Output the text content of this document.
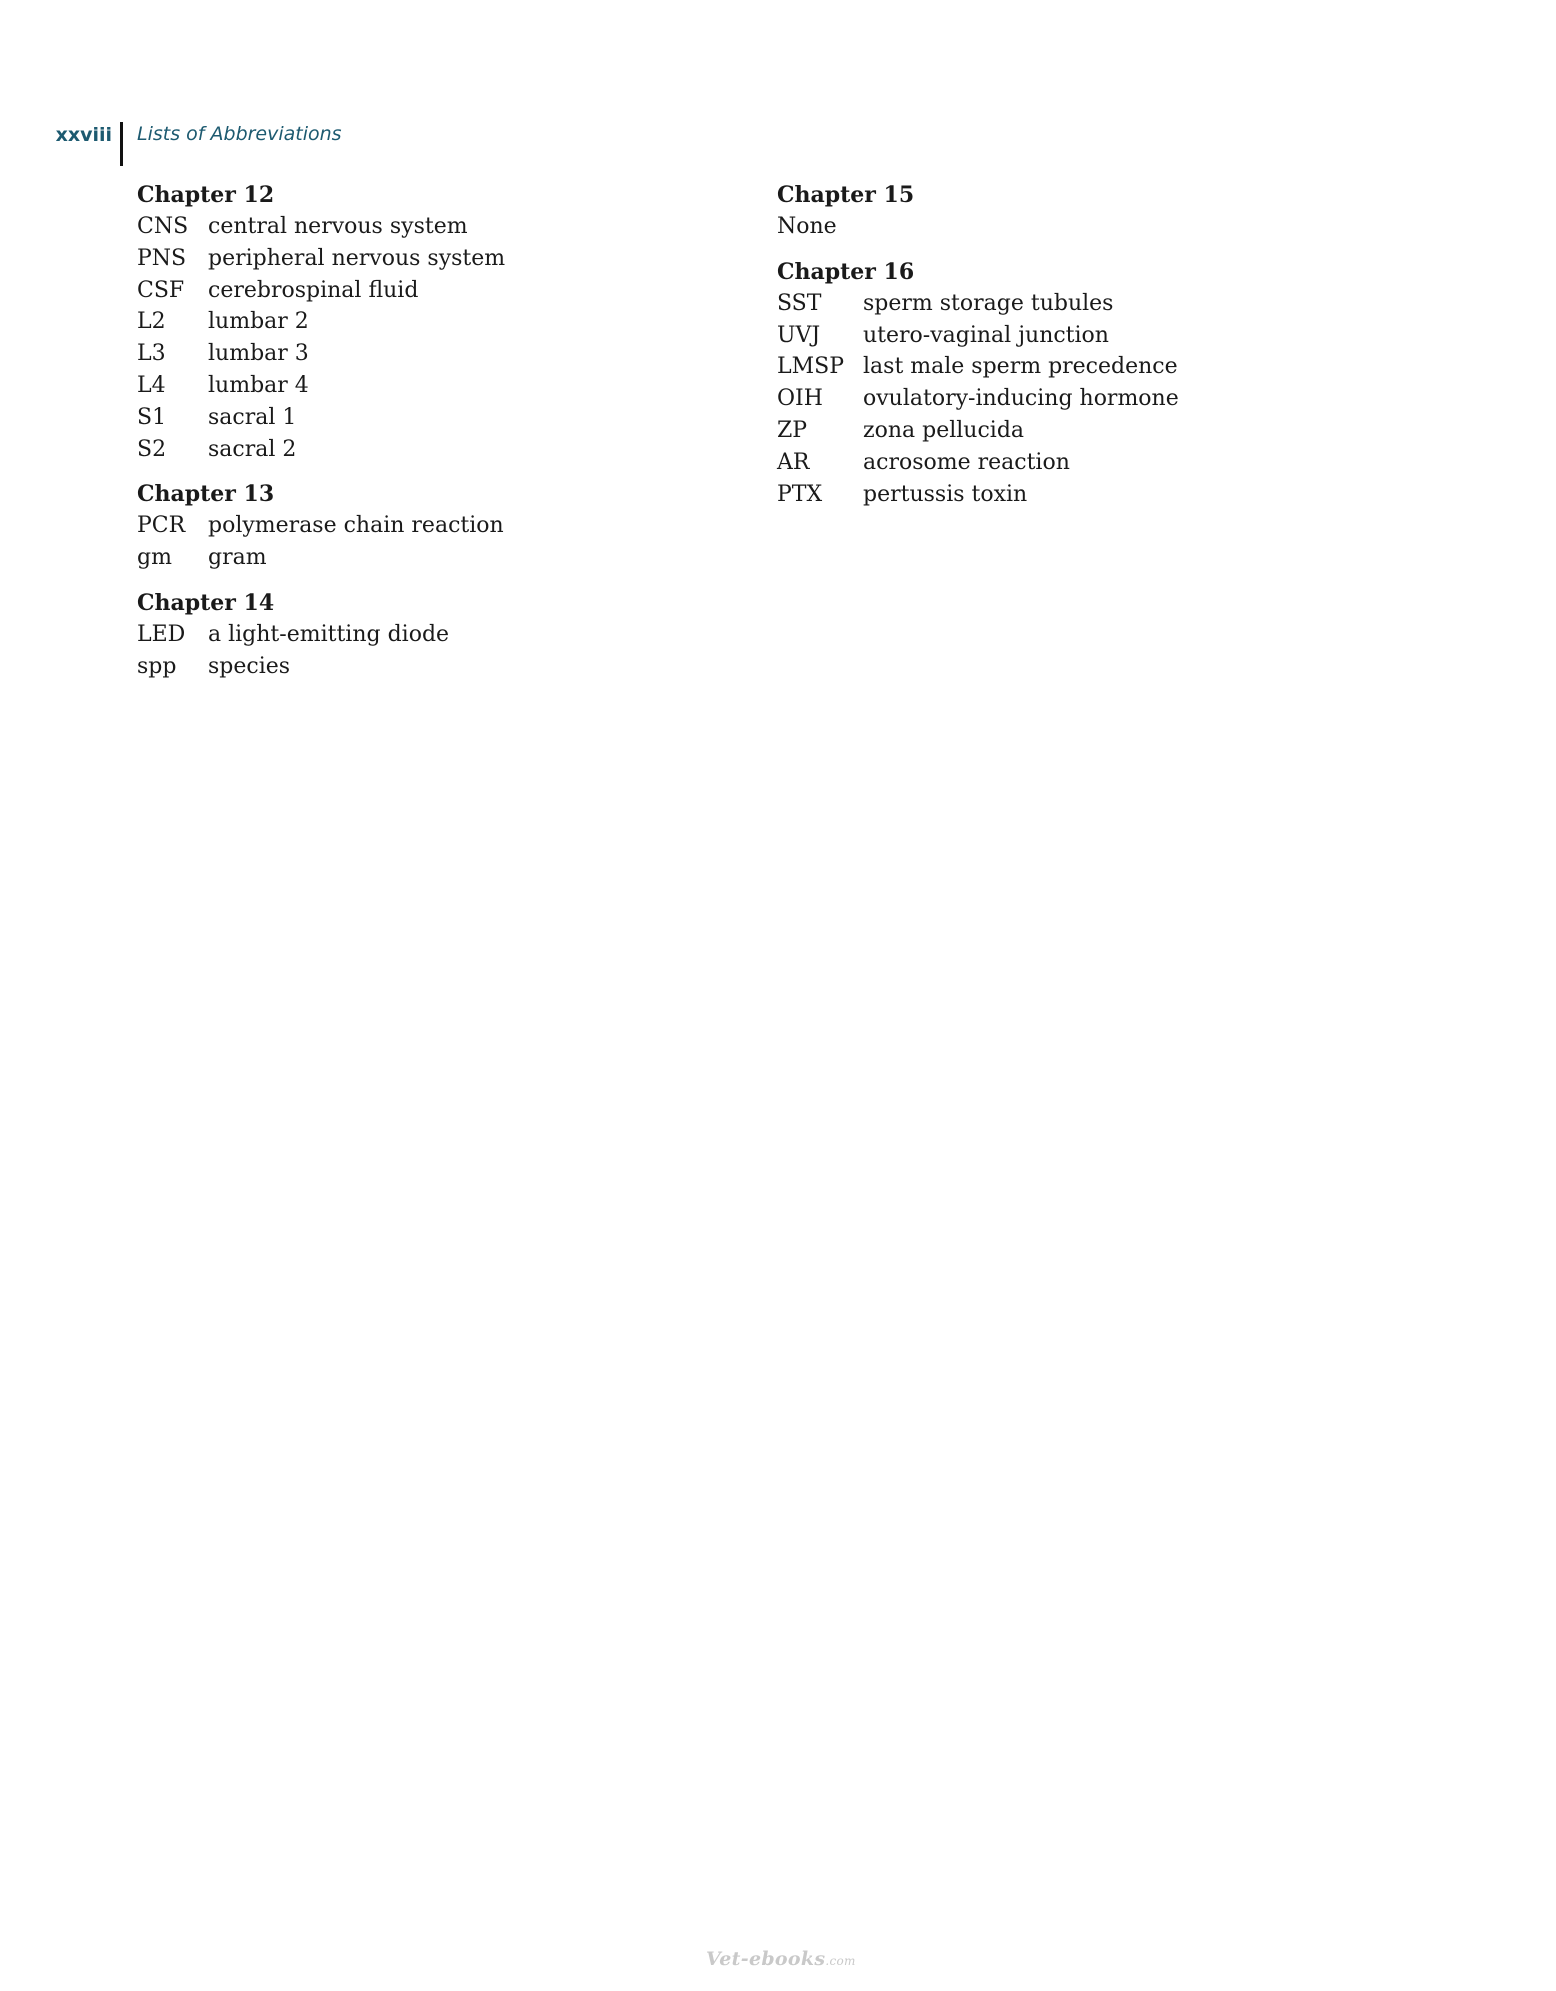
xxviii Lists of Abbreviations
Chapter 12
CNS central nervous system
PNS peripheral nervous system
CSF	cerebrospinal fluid
L2	lumbar 2
L3	lumbar 3
L4	lumbar 4
S1	sacral 1
S2	sacral 2
Chapter 13
PCR	polymerase chain reaction
gm	gram
Chapter 14
LED	a light-emitting diode
spp	species
Chapter 15
None
Chapter 16
SST	sperm storage tubules
UVJ	utero-vaginal junction
LMSP last male sperm precedence
OIH	ovulatory-inducing hormone
ZP	zona pellucida
AR	acrosome reaction
PTX	pertussis toxin
Vet-ebooks.com
